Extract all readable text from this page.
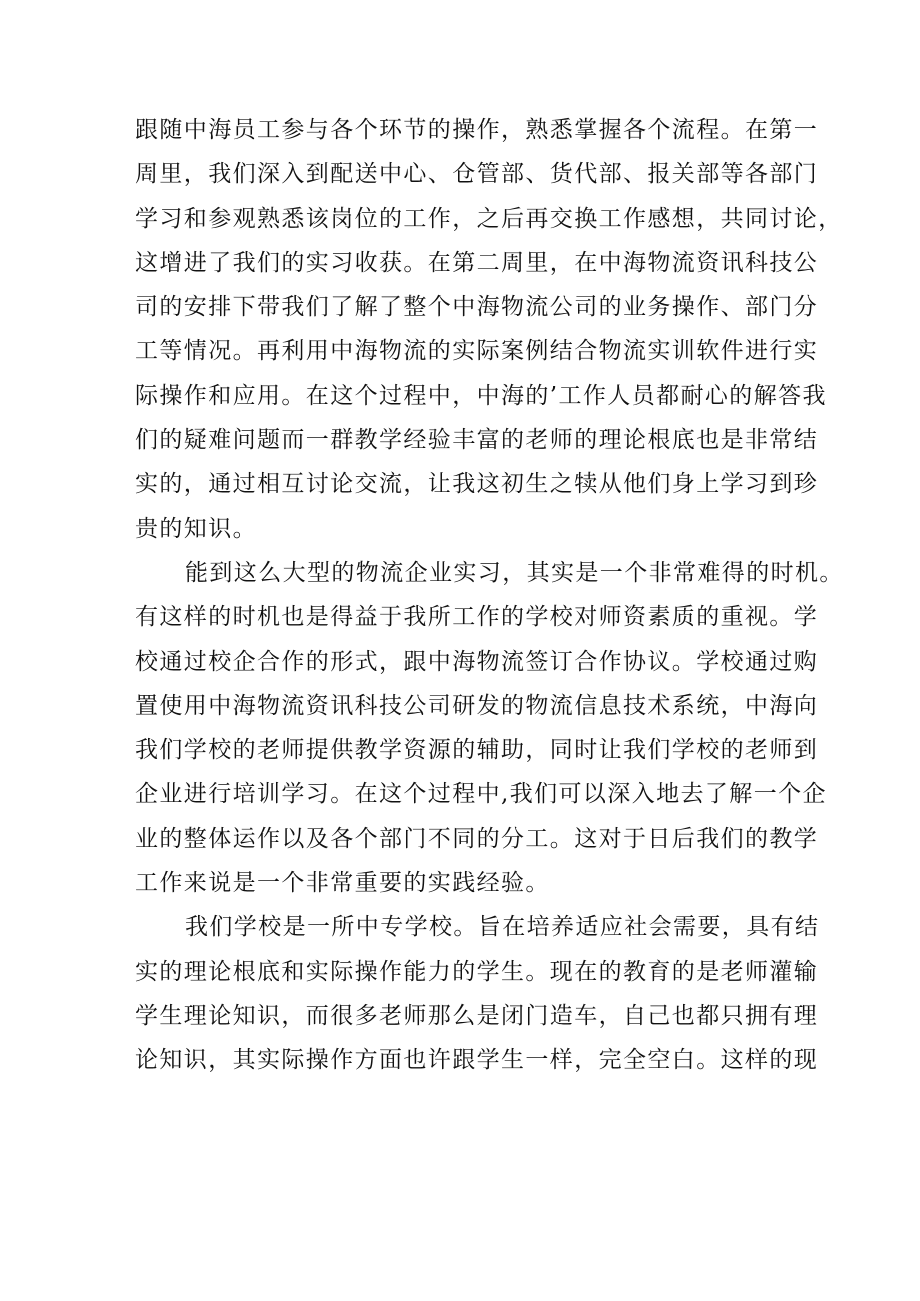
跟随中海员工参与各个环节的操作，熟悉掌握各个流程。在第一
周里，我们深入到配送中心、仓管部、货代部、报关部等各部门
学习和参观熟悉该岗位的工作，之后再交换工作感想，共同讨论，
这增进了我们的实习收获。在第二周里，在中海物流资讯科技公
司的安排下带我们了解了整个中海物流公司的业务操作、部门分
工等情况。再利用中海物流的实际案例结合物流实训软件进行实
际操作和应用。在这个过程中，中海的’工作人员都耐心的解答我
们的疑难问题而一群教学经验丰富的老师的理论根底也是非常结
实的，通过相互讨论交流，让我这初生之犊从他们身上学习到珍
贵的知识。

能到这么大型的物流企业实习，其实是一个非常难得的时机。
有这样的时机也是得益于我所工作的学校对师资素质的重视。学
校通过校企合作的形式，跟中海物流签订合作协议。学校通过购
置使用中海物流资讯科技公司研发的物流信息技术系统，中海向
我们学校的老师提供教学资源的辅助，同时让我们学校的老师到
企业进行培训学习。在这个过程中,我们可以深入地去了解一个企
业的整体运作以及各个部门不同的分工。这对于日后我们的教学
工作来说是一个非常重要的实践经验。

我们学校是一所中专学校。旨在培养适应社会需要，具有结
实的理论根底和实际操作能力的学生。现在的教育的是老师灌输
学生理论知识，而很多老师那么是闭门造车，自己也都只拥有理
论知识，其实际操作方面也许跟学生一样，完全空白。这样的现
